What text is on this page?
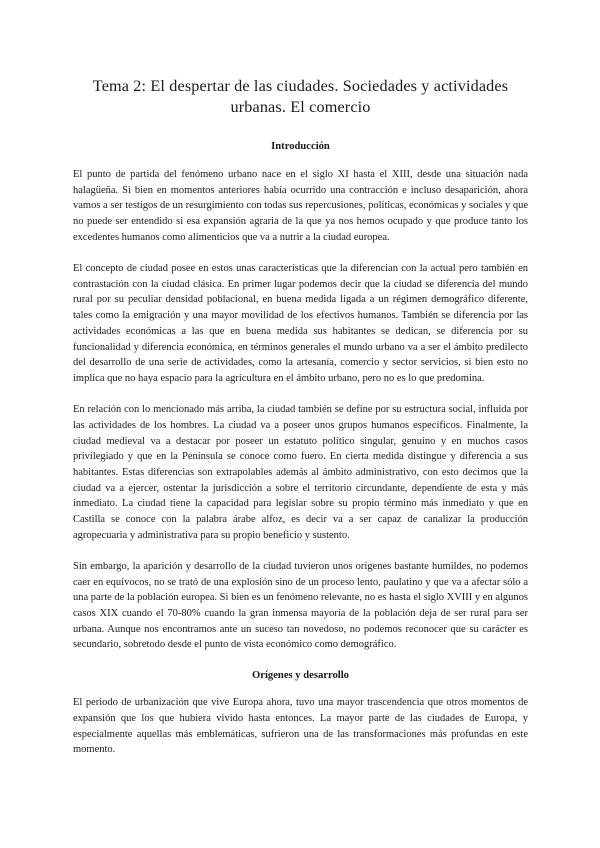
Tema 2: El despertar de las ciudades. Sociedades y actividades urbanas. El comercio
Introducción

El punto de partida del fenómeno urbano nace en el siglo XI hasta el XIII, desde una situación nada halagüeña. Si bien en momentos anteriores había ocurrido una contracción e incluso desaparición, ahora vamos a ser testigos de un resurgimiento con todas sus repercusiones, políticas, económicas y sociales y que no puede ser entendido si esa expansión agraria de la que ya nos hemos ocupado y que produce tanto los excedentes humanos como alimenticios que va a nutrir a la ciudad europea.

El concepto de ciudad posee en estos unas características que la diferencian con la actual pero también en contrastación con la ciudad clásica. En primer lugar podemos decir que la ciudad se diferencia del mundo rural por su peculiar densidad poblacional, en buena medida ligada a un régimen demográfico diferente, tales como la emigración y una mayor movilidad de los efectivos humanos. También se diferencia por las actividades económicas a las que en buena medida sus habitantes se dedican, se diferencia por su funcionalidad y diferencia económica, en términos generales el mundo urbano va a ser el ámbito predilecto del desarrollo de una serie de actividades, como la artesanía, comercio y sector servicios, si bien esto no implica que no haya espacio para la agricultura en el ámbito urbano, pero no es lo que predomina.

En relación con lo mencionado más arriba, la ciudad también se define por su estructura social, influida por las actividades de los hombres. La ciudad va a poseer unos grupos humanos específicos. Finalmente, la ciudad medieval va a destacar por poseer un estatuto político singular, genuino y en muchos casos privilegiado y que en la Península se conoce como fuero. En cierta medida distingue y diferencia a sus habitantes. Estas diferencias son extrapolables además al ámbito administrativo, con esto decimos que la ciudad va a ejercer, ostentar la jurisdicción a sobre el territorio circundante, dependiente de esta y más inmediato. La ciudad tiene la capacidad para legislar sobre su propio término más inmediato y que en Castilla se conoce con la palabra árabe alfoz, es decir va a ser capaz de canalizar la producción agropecuaria y administrativa para su propio beneficio y sustento.

Sin embargo, la aparición y desarrollo de la ciudad tuvieron unos orígenes bastante humildes, no podemos caer en equívocos, no se trató de una explosión sino de un proceso lento, paulatino y que va a afectar sólo a una parte de la población europea. Si bien es un fenómeno relevante, no es hasta el siglo XVIII y en algunos casos XIX cuando el 70-80% cuando la gran inmensa mayoría de la población deja de ser rural para ser urbana. Aunque nos encontramos ante un suceso tan novedoso, no podemos reconocer que su carácter es secundario, sobretodo desde el punto de vista económico como demográfico.

Orígenes y desarrollo

El periodo de urbanización que vive Europa ahora, tuvo una mayor trascendencia que otros momentos de expansión que los que hubiera vivido hasta entonces. La mayor parte de las ciudades de Europa, y especialmente aquellas más emblemáticas, sufrieron una de las transformaciones más profundas en este momento.
